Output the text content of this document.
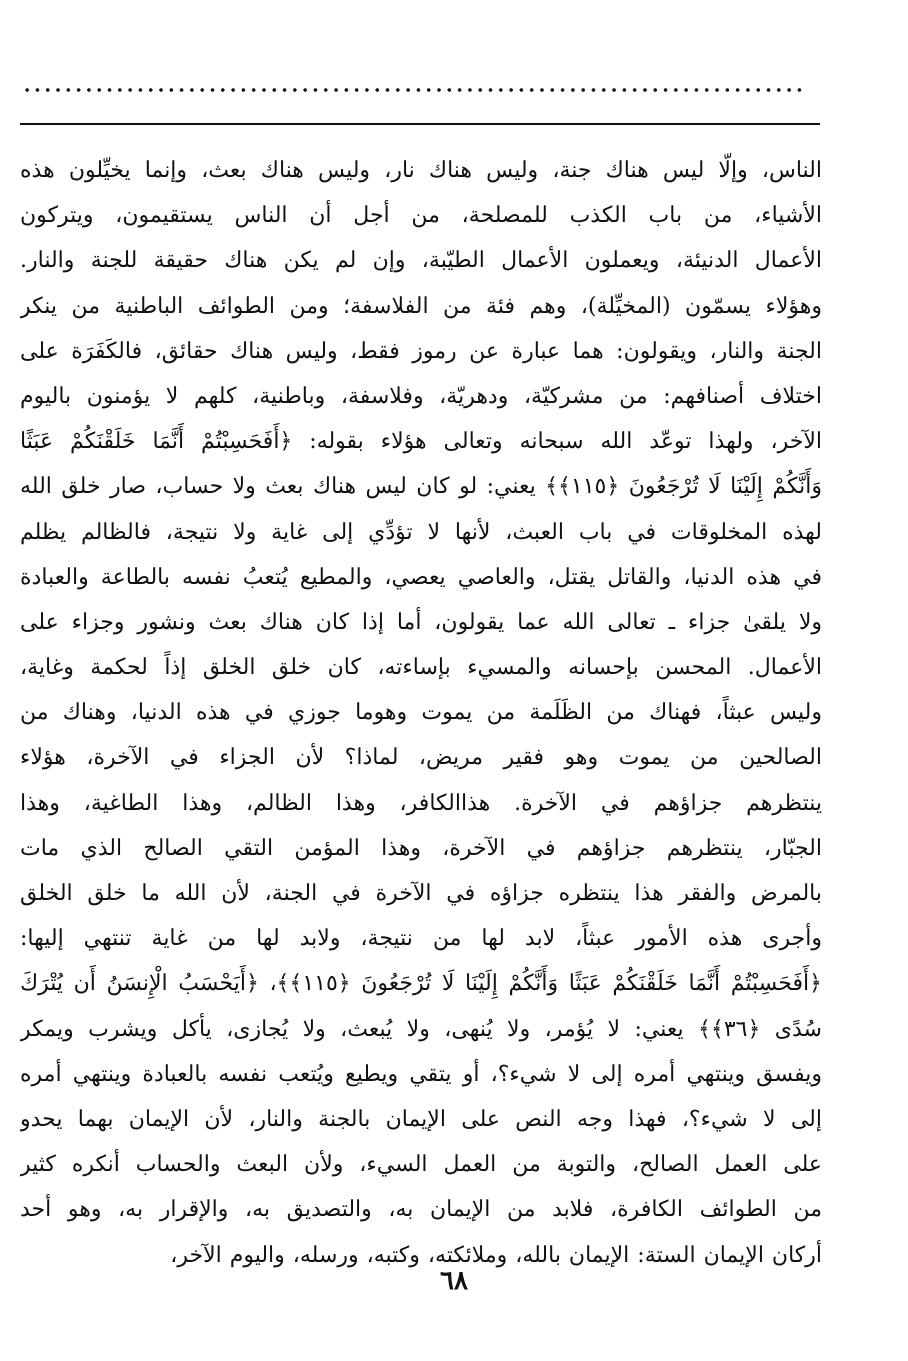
الناس، وإلّا ليس هناك جنة، وليس هناك نار، وليس هناك بعث، وإنما يخيِّلون هذه
الأشياء، من باب الكذب للمصلحة، من أجل أن الناس يستقيمون، ويتركون
الأعمال الدنيئة، ويعملون الأعمال الطيّبة، وإن لم يكن هناك حقيقة للجنة والنار.
وهؤلاء يسمّون (المخيِّلة)، وهم فئة من الفلاسفة؛ ومن الطوائف الباطنية من ينكر
الجنة والنار، ويقولون: هما عبارة عن رموز فقط، وليس هناك حقائق، فالكَفَرَة على
اختلاف أصنافهم: من مشركيّة، ودهريّة، وفلاسفة، وباطنية، كلهم لا يؤمنون باليوم
الآخر، ولهذا توعّد الله سبحانه وتعالى هؤلاء بقوله: ﴿أَفَحَسِبْتُمْ أَنَّمَا خَلَقْنَكُمْ عَبَثًا
وَأَنَّكُمْ إِلَيْنَا لَا تُرْجَعُونَ ﴿١١٥﴾﴾ يعني: لو كان ليس هناك بعث ولا حساب، صار خلق الله
لهذه المخلوقات في باب العبث، لأنها لا تؤدِّي إلى غاية ولا نتيجة، فالظالم يظلم
في هذه الدنيا، والقاتل يقتل، والعاصي يعصي، والمطيع يُتعبُ نفسه بالطاعة والعبادة
ولا يلقىٰ جزاء ـ تعالى الله عما يقولون، أما إذا كان هناك بعث ونشور وجزاء على
الأعمال. المحسن بإحسانه والمسيء بإساءته، كان خلق الخلق إذاً لحكمة وغاية،
وليس عبثاً، فهناك من الظَلَمة من يموت وهوما جوزي في هذه الدنيا، وهناك من
الصالحين من يموت وهو فقير مريض، لماذا؟ لأن الجزاء في الآخرة، هؤلاء
ينتظرهم جزاؤهم في الآخرة. هذاالكافر، وهذا الظالم، وهذا الطاغية، وهذا
الجبّار، ينتظرهم جزاؤهم في الآخرة، وهذا المؤمن التقي الصالح الذي مات
بالمرض والفقر هذا ينتظره جزاؤه في الآخرة في الجنة، لأن الله ما خلق الخلق
وأجرى هذه الأمور عبثاً، لابد لها من نتيجة، ولابد لها من غاية تنتهي إليها:
﴿أَفَحَسِبْتُمْ أَنَّمَا خَلَقْنَكُمْ عَبَثًا وَأَنَّكُمْ إِلَيْنَا لَا تُرْجَعُونَ ﴿١١٥﴾﴾، ﴿أَيَحْسَبُ الْإِنسَنُ أَن يُتْرَكَ
سُدًى ﴿٣٦﴾﴾ يعني: لا يُؤمر، ولا يُنهى، ولا يُبعث، ولا يُجازى، يأكل ويشرب ويمكر
ويفسق وينتهي أمره إلى لا شيء؟، أو يتقي ويطيع ويُتعب نفسه بالعبادة وينتهي أمره
إلى لا شيء؟، فهذا وجه النص على الإيمان بالجنة والنار، لأن الإيمان بهما يحدو
على العمل الصالح، والتوبة من العمل السيء، ولأن البعث والحساب أنكره كثير
من الطوائف الكافرة، فلابد من الإيمان به، والتصديق به، والإقرار به، وهو أحد
أركان الإيمان الستة: الإيمان بالله، وملائكته، وكتبه، ورسله، واليوم الآخر،
٦٨
